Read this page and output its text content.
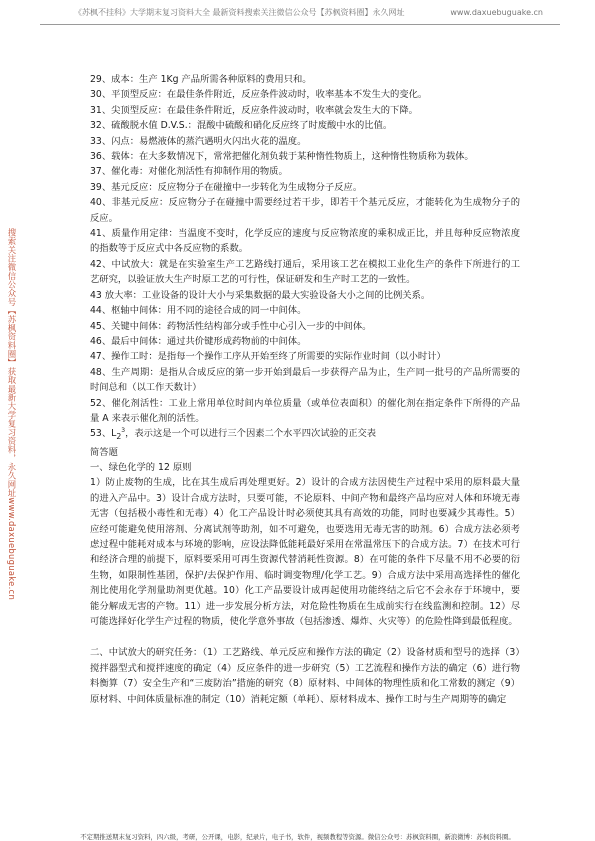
《苏枫不挂科》大学期末复习资料大全 最新资料搜索关注微信公众号【苏枫资料圈】永久网址	www.daxuebuguake.cn
搜索关注微信公众号【苏枫资料圈】获取最新大学复习资料，永久网址www.daxuebuguake.cn

29、成本：生产 1Kg 产品所需各种原料的费用只和。

30、平顶型反应：在最佳条件附近，反应条件波动时，收率基本不发生大的变化。

31、尖顶型反应：在最佳条件附近，反应条件波动时，收率就会发生大的下降。

32、硫酸脱水值 D.V.S.：混酸中硫酸和硝化反应终了时废酸中水的比值。

33、闪点：易燃液体的蒸汽遇明火闪出火花的温度。

36、载体：在大多数情况下，常常把催化剂负载于某种惰性物质上，这种惰性物质称为载体。

37、催化毒：对催化剂活性有抑制作用的物质。

39、基元反应：反应物分子在碰撞中一步转化为生成物分子反应。

40、非基元反应：反应物分子在碰撞中需要经过若干步，即若干个基元反应，才能转化为生成物分子的反应。

41、质量作用定律：当温度不变时，化学反应的速度与反应物浓度的乘积成正比，并且每种反应物浓度的指数等于反应式中各反应物的系数。

42、中试放大：就是在实验室生产工艺路线打通后，采用该工艺在模拟工业化生产的条件下所进行的工艺研究，以验证放大生产时原工艺的可行性，保证研发和生产时工艺的一致性。

43 放大率：工业设备的设计大小与采集数据的最大实验设备大小之间的比例关系。

44、枢轴中间体：用不同的途径合成的同一中间体。

45、关键中间体：药物活性结构部分或手性中心引入一步的中间体。

46、最后中间体：通过共价键形成药物前的中间体。

47、操作工时：是指每一个操作工序从开始至终了所需要的实际作业时间（以小时计）

48、生产周期：是指从合成反应的第一步开始到最后一步获得产品为止，生产同一批号的产品所需要的时间总和（以工作天数计）

52、催化剂活性：工业上常用单位时间内单位质量（或单位表面积）的催化剂在指定条件下所得的产品量 A 来表示催化剂的活性。

53、$L_2^3$，表示这是一个可以进行三个因素二个水平四次试验的正交表

简答题

一、绿色化学的 12 原则

1）防止废物的生成，比在其生成后再处理更好。2）设计的合成方法因使生产过程中采用的原料最大量的进入产品中。3）设计合成方法时，只要可能，不论原料、中间产物和最终产品均应对人体和环境无毒无害（包括极小毒性和无毒）4）化工产品设计时必须使其具有高效的功能，同时也要减少其毒性。5）应经可能避免使用溶剂、分离试剂等助剂，如不可避免，也要选用无毒无害的助剂。6）合成方法必须考虑过程中能耗对成本与环境的影响，应设法降低能耗最好采用在常温常压下的合成方法。7）在技术可行和经济合理的前提下，原料要采用可再生资源代替消耗性资源。8）在可能的条件下尽量不用不必要的衍生物，如限制性基团，保护/去保护作用、临时调变物理/化学工艺。9）合成方法中采用高选择性的催化剂比使用化学剂量助剂更优越。10）化工产品要设计成再起使用功能终结之后它不会永存于环境中，要能分解成无害的产物。11）进一步发展分析方法，对危险性物质在生成前实行在线监测和控制。12）尽可能选择好化学生产过程的物质，使化学意外事故（包括渗透、爆炸、火灾等）的危险性降到最低程度。

二、中试放大的研究任务：（1）工艺路线、单元反应和操作方法的确定（2）设备材质和型号的选择（3）搅拌器型式和搅拌速度的确定（4）反应条件的进一步研究（5）工艺流程和操作方法的确定（6）进行物料衡算（7）安全生产和“三废防治”措施的研究（8）原材料、中间体的物理性质和化工常数的测定（9）原材料、中间体质量标准的制定（10）消耗定额（单耗）、原材料成本、操作工时与生产周期等的确定

不定期推送期末复习资料，四六级，考研，公开课，电影，纪录片，电子书，软件，视频教程等资源。微信公众号：苏枫资料圈，新浪微博：苏枫资料圈。
